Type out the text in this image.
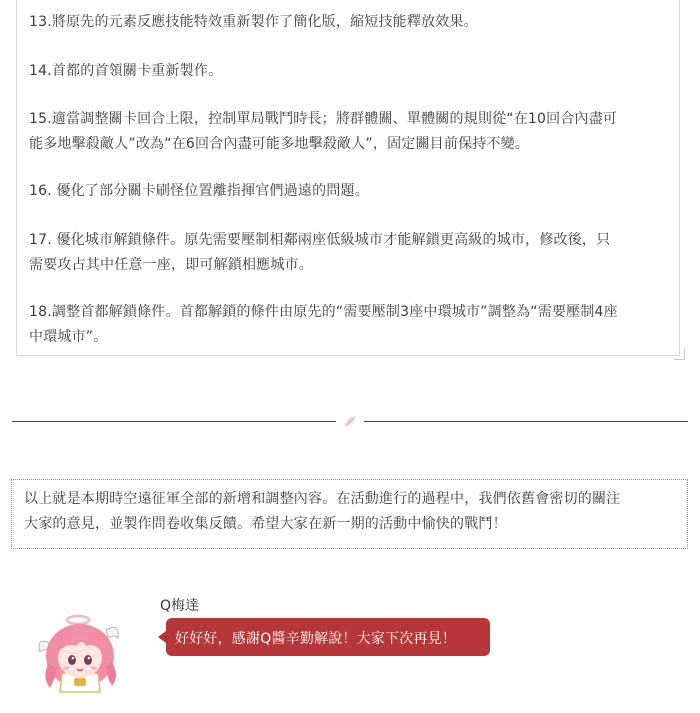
13.將原先的元素反應技能特效重新製作了簡化版，縮短技能釋放效果。
14.首都的首領關卡重新製作。
15.適當調整關卡回合上限，控制單局戰鬥時長；將群體關、單體關的規則從“在10回合內盡可
能多地擊殺敵人”改為“在6回合內盡可能多地擊殺敵人”，固定關目前保持不變。
16. 優化了部分關卡刷怪位置離指揮官們過遠的問題。
17. 優化城市解鎖條件。原先需要壓制相鄰兩座低級城市才能解鎖更高級的城市，修改後，只
需要攻占其中任意一座，即可解鎖相應城市。
18.調整首都解鎖條件。首都解鎖的條件由原先的“需要壓制3座中環城市”調整為“需要壓制4座
中環城市”。
以上就是本期時空遠征軍全部的新增和調整內容。在活動進行的過程中，我們依舊會密切的關注
大家的意見，並製作問卷收集反饋。希望大家在新一期的活動中愉快的戰鬥！
Q梅達
好好好，感謝Q醬辛勤解說！大家下次再見！
